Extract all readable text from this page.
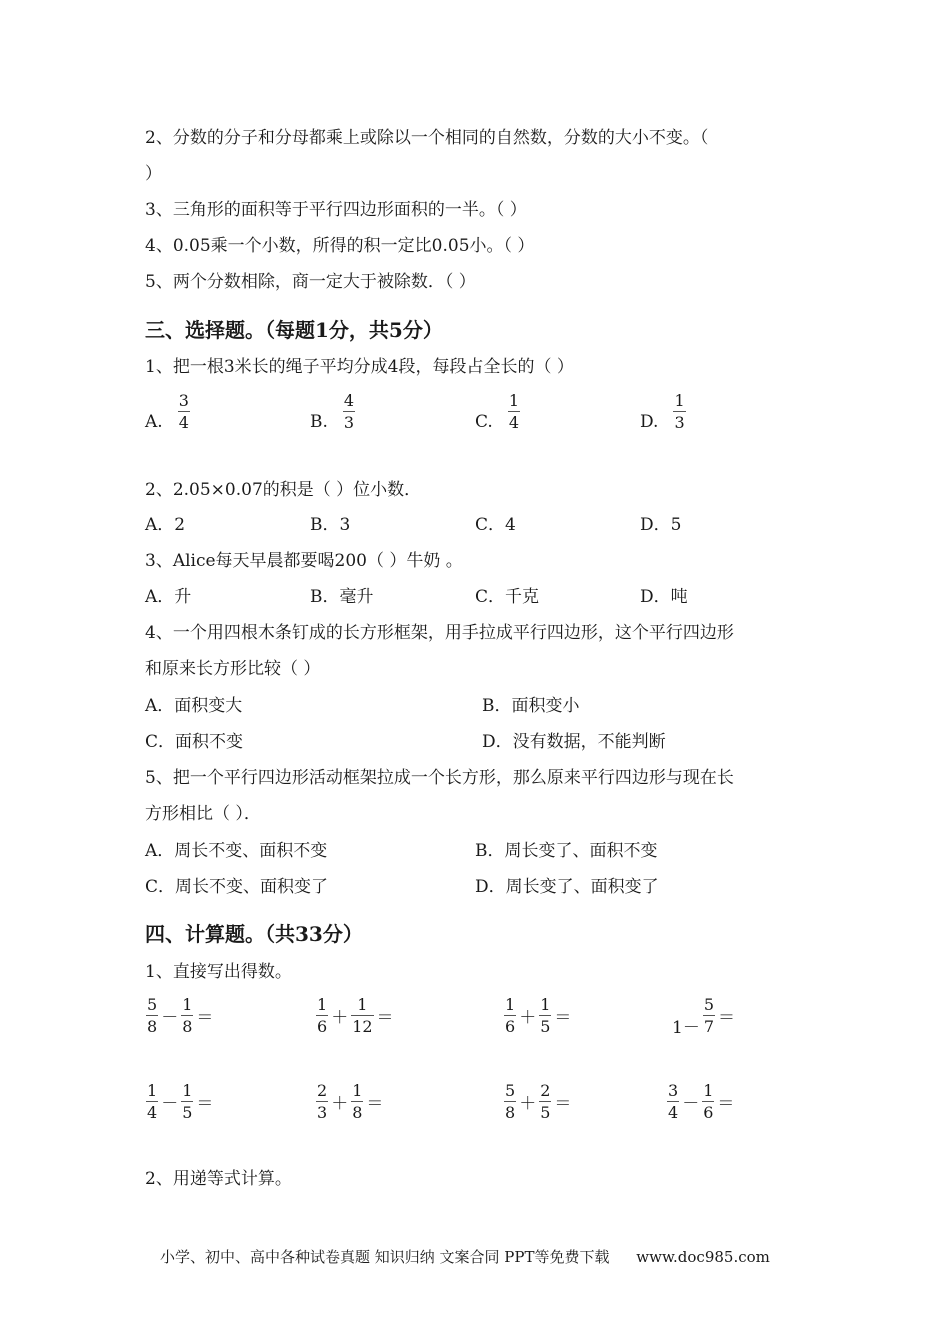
2、分数的分子和分母都乘上或除以一个相同的自然数，分数的大小不变。（
）
3、三角形的面积等于平行四边形面积的一半。（ ）
4、0.05乘一个小数，所得的积一定比0.05小。（ ）
5、两个分数相除，商一定大于被除数．（ ）
三、选择题。（每题1分，共5分）
1、把一根3米长的绳子平均分成4段，每段占全长的（ ）
A. $\frac{3}{4}$	B. $\frac{4}{3}$	C. $\frac{1}{4}$	D. $\frac{1}{3}$
2、2.05×0.07的积是（ ）位小数．
A．2	B．3	C．4	D．5
3、Alice每天早晨都要喝200（ ）牛奶 。
A．升	B．毫升	C．千克	D．吨
4、一个用四根木条钉成的长方形框架，用手拉成平行四边形，这个平行四边形
和原来长方形比较（ ）
A．面积变大	B．面积变小
C．面积不变	D．没有数据，不能判断
5、把一个平行四边形活动框架拉成一个长方形，那么原来平行四边形与现在长
方形相比（ ）．
A．周长不变、面积不变	B．周长变了、面积不变
C．周长不变、面积变了	D．周长变了、面积变了
四、计算题。（共33分）
1、直接写出得数。
$\frac{5}{8} - \frac{1}{8}$ ＝	$\frac{1}{6} + \frac{1}{12}$ ＝	$\frac{1}{6} + \frac{1}{5}$ ＝	$1- \frac{5}{7}$ ＝
$\frac{1}{4} - \frac{1}{5}$ ＝	$\frac{2}{3} + \frac{1}{8}$ ＝	$\frac{5}{8} + \frac{2}{5}$ ＝	$\frac{3}{4} - \frac{1}{6}$ ＝
2、用递等式计算。
小学、初中、高中各种试卷真题 知识归纳 文案合同 PPT等免费下载 www.doc985.com
